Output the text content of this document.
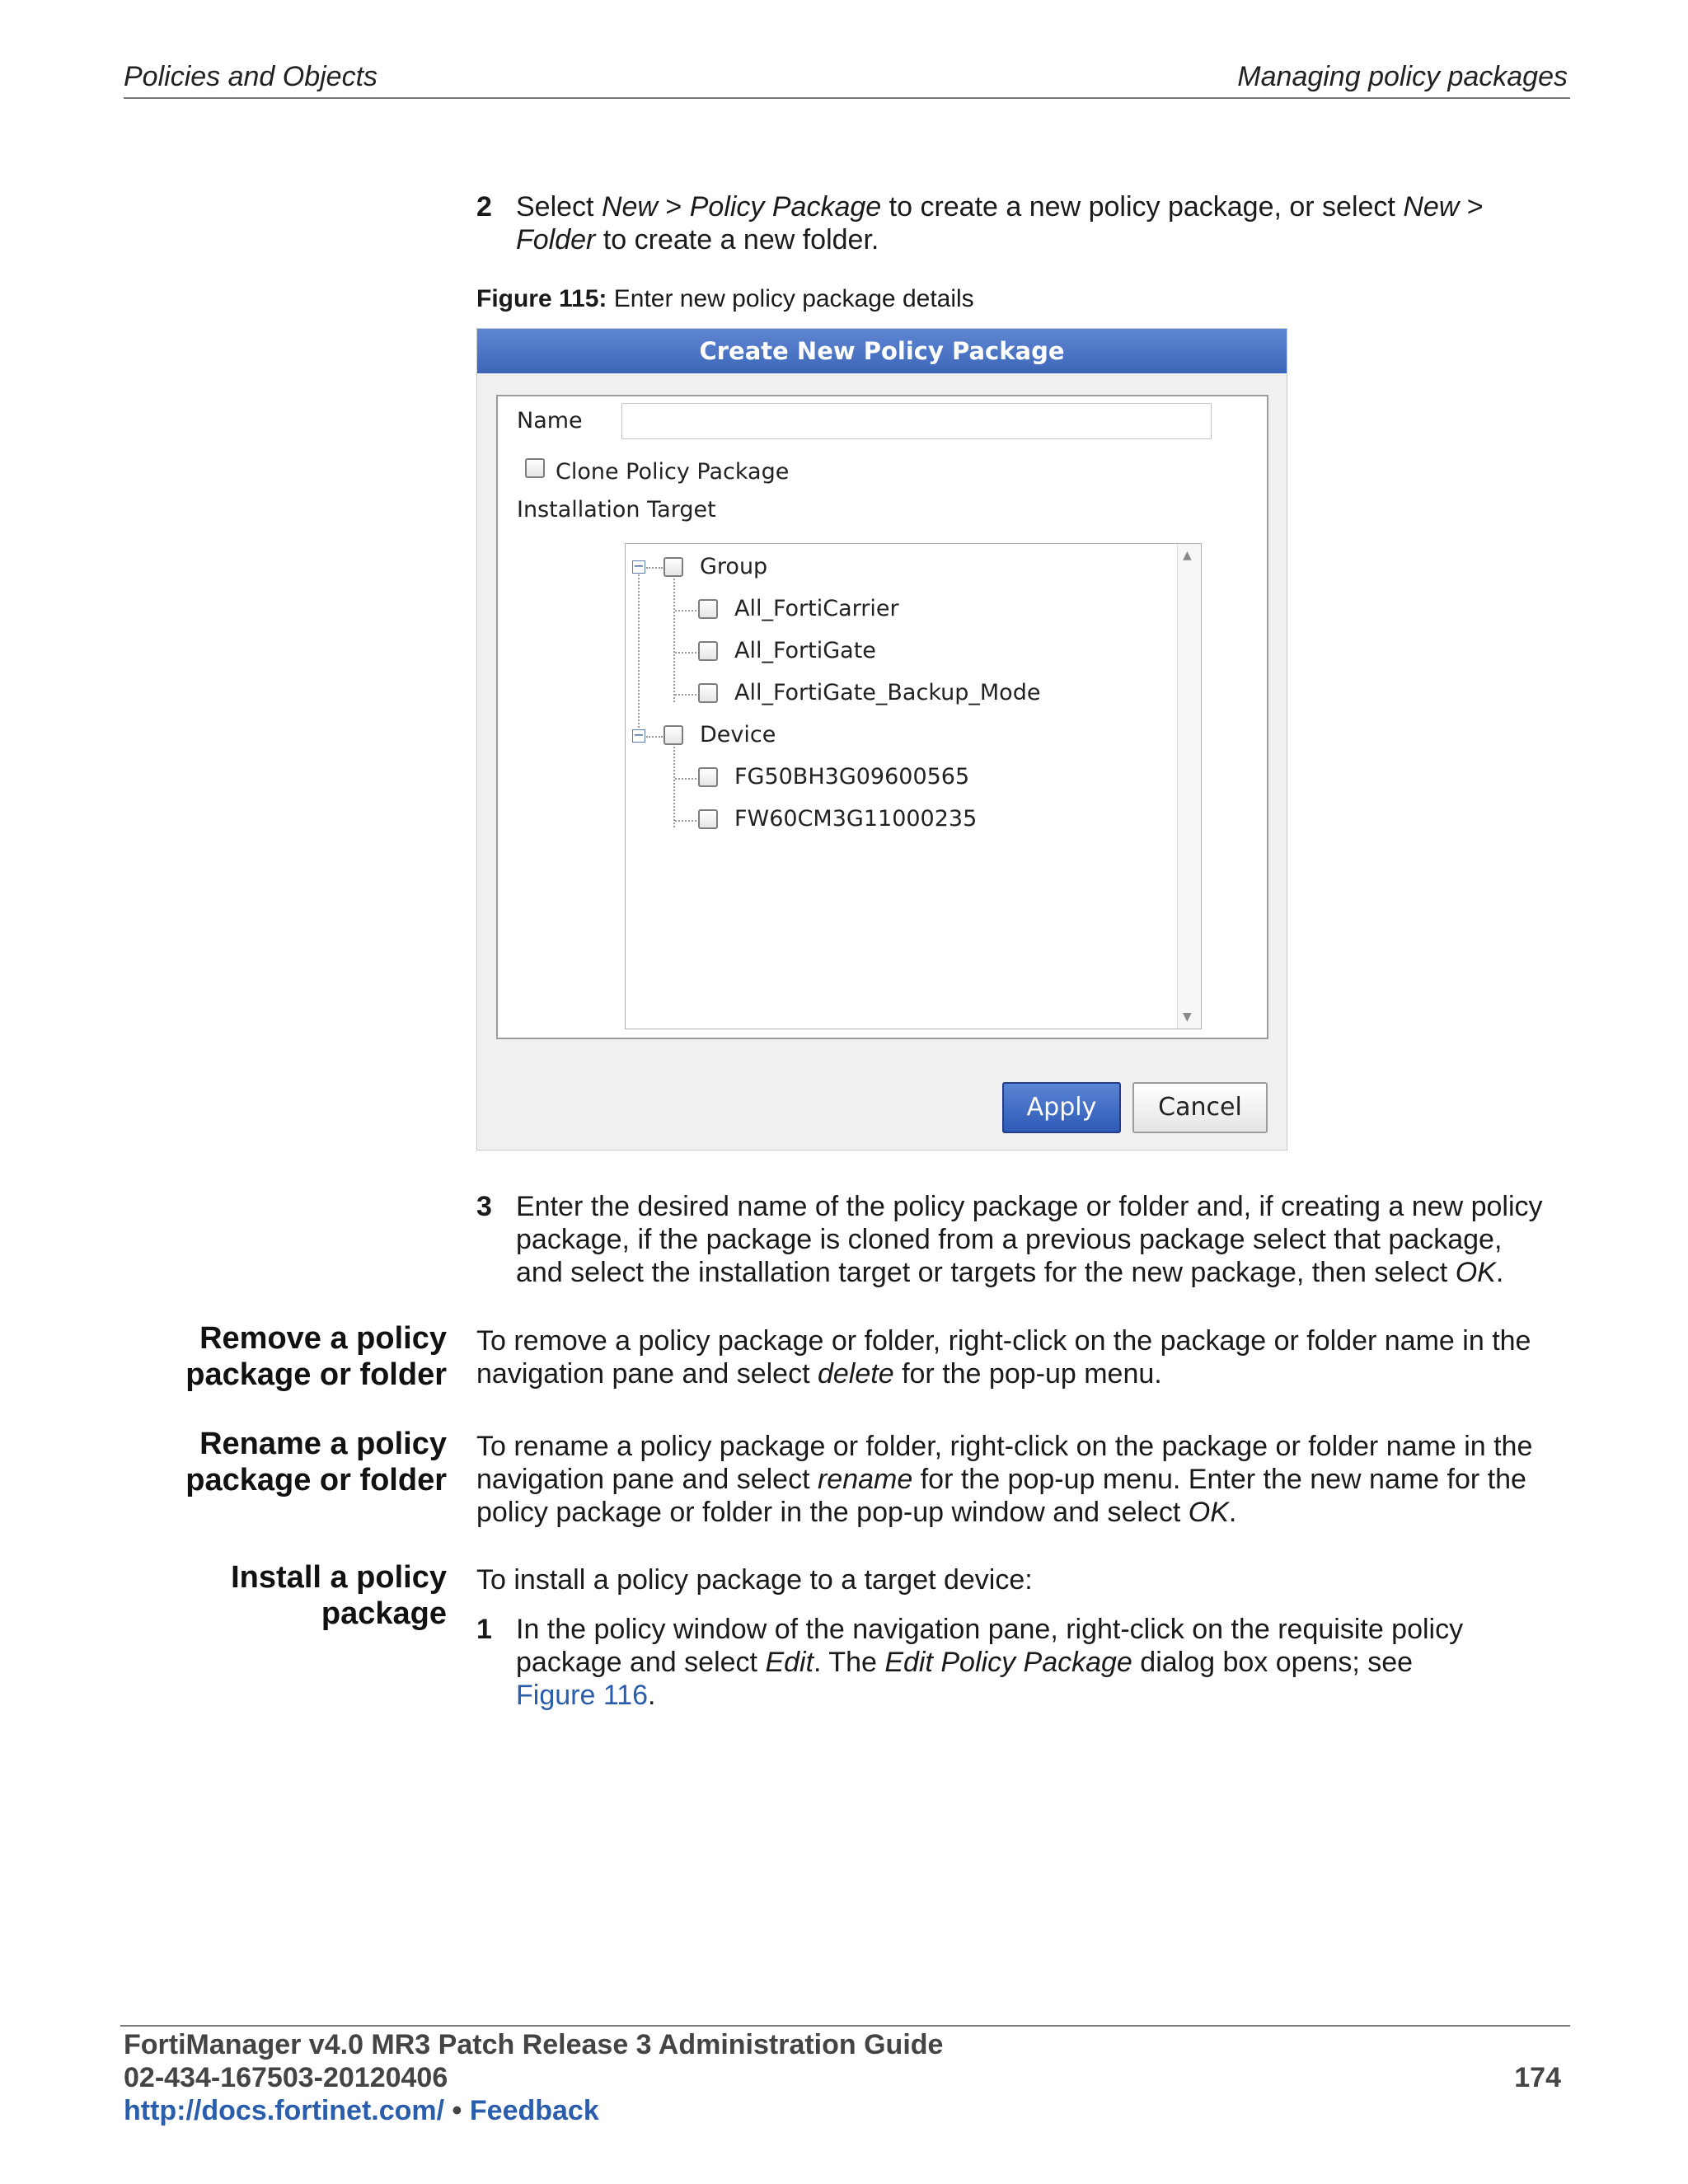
Policies and Objects	Managing policy packages
2 Select New > Policy Package to create a new policy package, or select New >
Folder to create a new folder.
Figure 115: Enter new policy package details
Create New Policy Package
Name
Clone Policy Package
Installation Target
− Group
All_FortiCarrier
All_FortiGate
All_FortiGate_Backup_Mode
− Device
FG50BH3G09600565
FW60CM3G11000235
▲
▼
Apply	Cancel
3 Enter the desired name of the policy package or folder and, if creating a new policy
package, if the package is cloned from a previous package select that package,
and select the installation target or targets for the new package, then select OK.
Remove a policy
package or folder
To remove a policy package or folder, right-click on the package or folder name in the
navigation pane and select delete for the pop-up menu.
Rename a policy
package or folder
To rename a policy package or folder, right-click on the package or folder name in the
navigation pane and select rename for the pop-up menu. Enter the new name for the
policy package or folder in the pop-up window and select OK.
Install a policy
package
To install a policy package to a target device:
1 In the policy window of the navigation pane, right-click on the requisite policy
package and select Edit. The Edit Policy Package dialog box opens; see
Figure 116.
FortiManager v4.0 MR3 Patch Release 3 Administration Guide
02-434-167503-20120406
http://docs.fortinet.com/ • Feedback
174
